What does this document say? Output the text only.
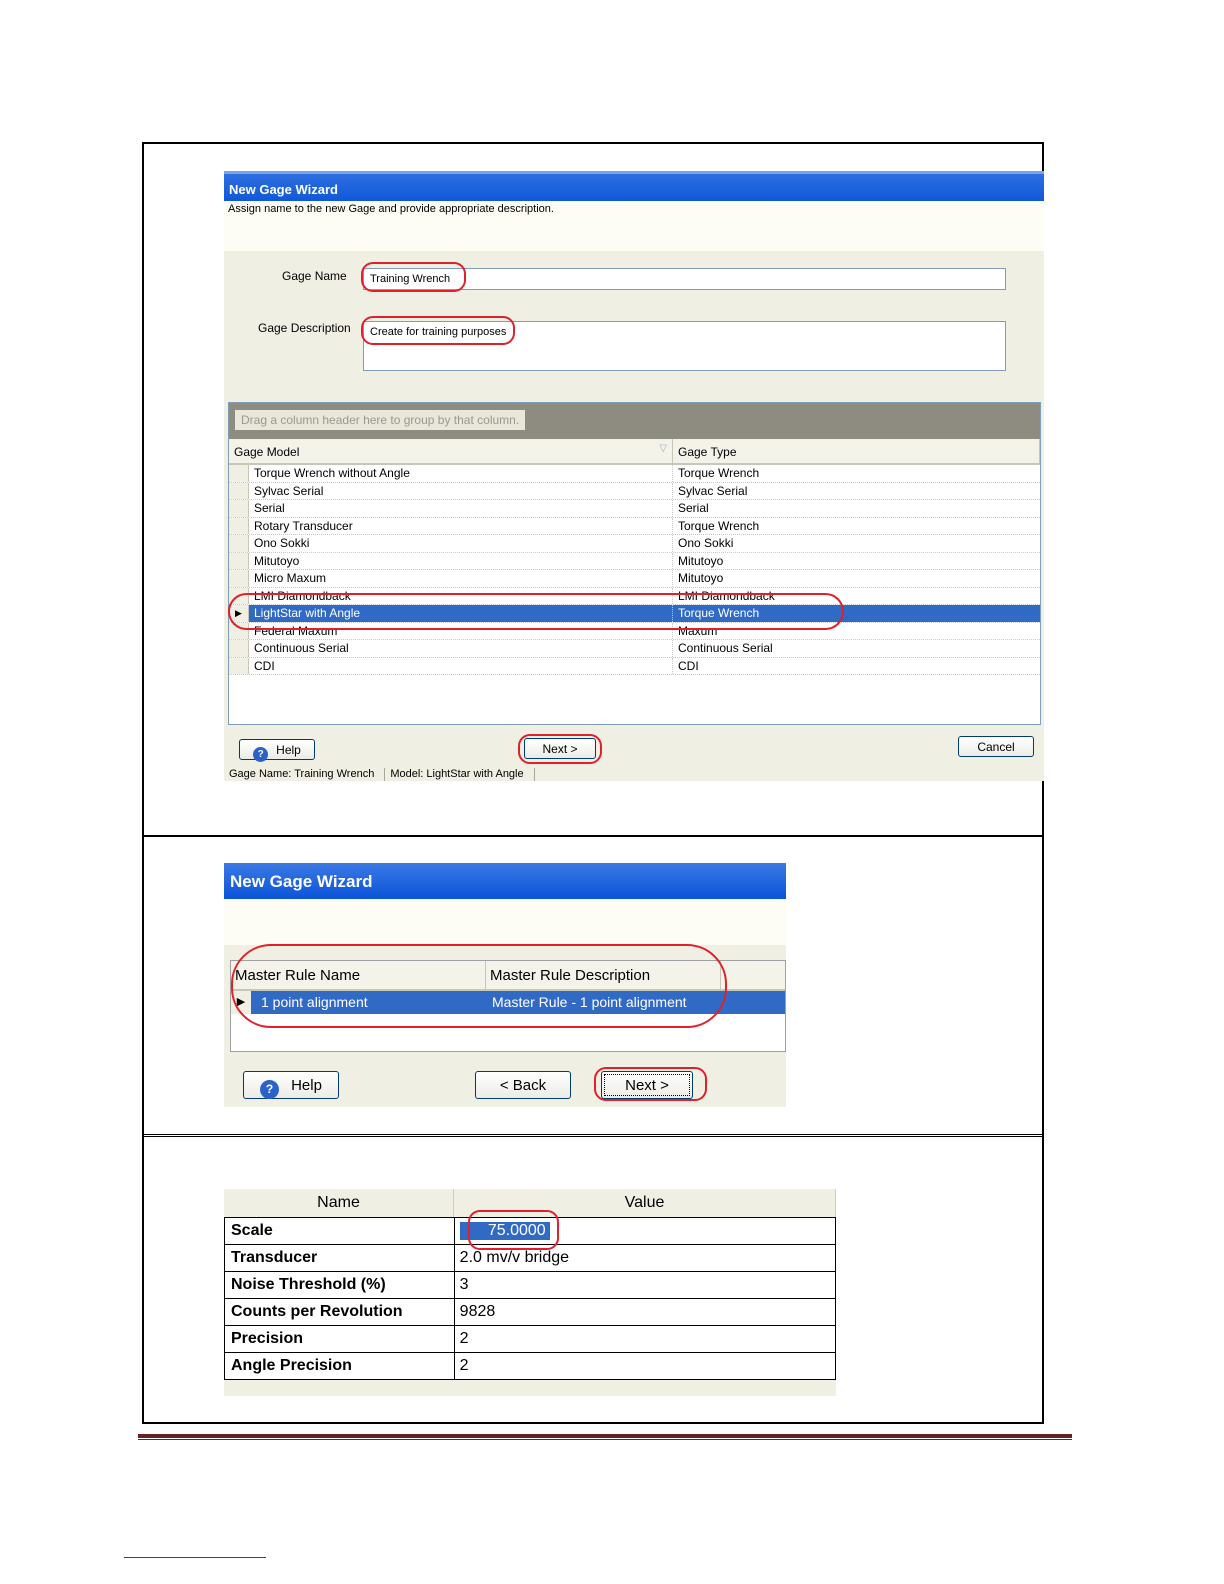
New Gage Wizard
Assign name to the new Gage and provide appropriate description.
Gage Name	Training Wrench
Gage Description	Create for training purposes
Drag a column header here to group by that column.
Gage Model	▽ Gage Type
Torque Wrench without Angle	Torque Wrench
Sylvac Serial	Sylvac Serial
Serial	Serial
Rotary Transducer	Torque Wrench
Ono Sokki	Ono Sokki
Mitutoyo	Mitutoyo
Micro Maxum	Mitutoyo
LMI Diamondback	LMI Diamondback
▶	LightStar with Angle	Torque Wrench
Federal Maxum	Maxum
Continuous Serial	Continuous Serial
CDI	CDI
? Help	Next >	Cancel
Gage Name: Training Wrench	Model: LightStar with Angle
New Gage Wizard
Master Rule Name	Master Rule Description
▶	1 point alignment	Master Rule - 1 point alignment
? Help	< Back	Next >
Name	Value
Scale	75.0000
Transducer	2.0 mv/v bridge
Noise Threshold (%)	3
Counts per Revolution	9828
Precision	2
Angle Precision	2
